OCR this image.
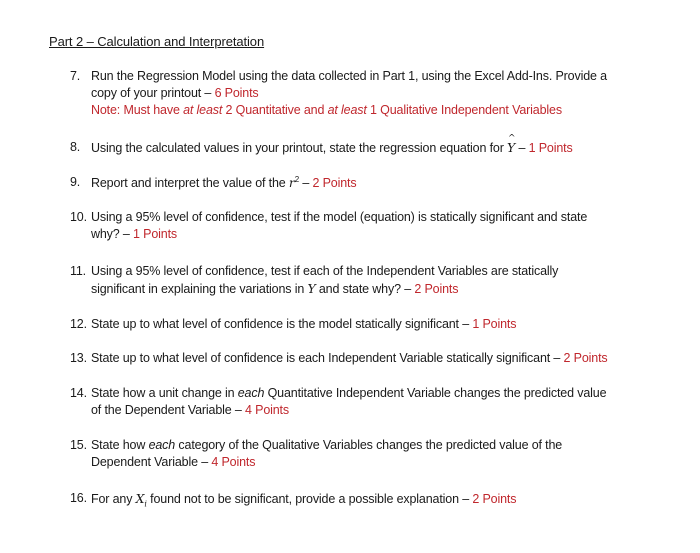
Part 2 – Calculation and Interpretation
7. Run the Regression Model using the data collected in Part 1, using the Excel Add-Ins. Provide a
copy of your printout – 6 Points
Note: Must have at least 2 Quantitative and at least 1 Qualitative Independent Variables
8. Using the calculated values in your printout, state the regression equation for ^ Y – 1 Points
9. Report and interpret the value of the $r^2 - 2$ Points
10. Using a 95% level of confidence, test if the model (equation) is statically significant and state
why? – 1 Points
11. Using a 95% level of confidence, test if each of the Independent Variables are statically
significant in explaining the variations in Y and state why? – 2 Points
12. State up to what level of confidence is the model statically significant – 1 Points
13. State up to what level of confidence is each Independent Variable statically significant – 2 Points
14. State how a unit change in each Quantitative Independent Variable changes the predicted value
of the Dependent Variable – 4 Points
15. State how each category of the Qualitative Variables changes the predicted value of the
Dependent Variable – 4 Points
16. For any $X_i$ found not to be significant, provide a possible explanation – 2 Points
